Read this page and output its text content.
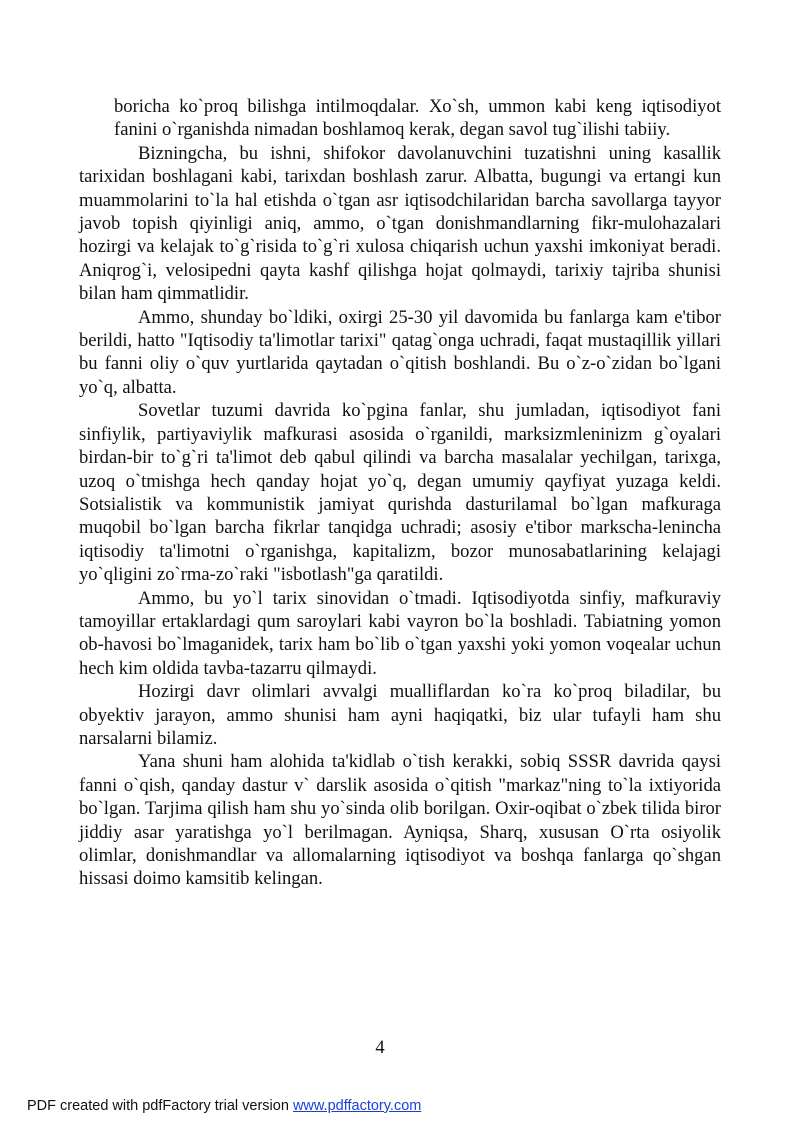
boricha ko`proq bilishga intilmoqdalar. Xo`sh, ummon kabi keng iqtisodiyot fanini o`rganishda nimadan boshlamoq kerak, degan savol tug`ilishi tabiiy.

Bizningcha, bu ishni, shifokor davolanuvchini tuzatishni uning kasallik tarixidan boshlagani kabi, tarixdan boshlash zarur. Albatta, bugungi va ertangi kun muammolarini to`la hal etishda o`tgan asr iqtisodchilaridan barcha savollarga tayyor javob topish qiyinligi aniq, ammo, o`tgan donishmandlarning fikr-mulohazalari hozirgi va kelajak to`g`risida to`g`ri xulosa chiqarish uchun yaxshi imkoniyat beradi. Aniqrog`i, velosipedni qayta kashf qilishga hojat qolmaydi, tarixiy tajriba shunisi bilan ham qimmatlidir.

Ammo, shunday bo`ldiki, oxirgi 25-30 yil davomida bu fanlarga kam e'tibor berildi, hatto "Iqtisodiy ta'limotlar tarixi" qatag`onga uchradi, faqat mustaqillik yillari bu fanni oliy o`quv yurtlarida qaytadan o`qitish boshlandi. Bu o`z-o`zidan bo`lgani yo`q, albatta.

Sovetlar tuzumi davrida ko`pgina fanlar, shu jumladan, iqtisodiyot fani sinfiylik, partiyaviylik mafkurasi asosida o`rganildi, marksizmleninizm g`oyalari birdan-bir to`g`ri ta'limot deb qabul qilindi va barcha masalalar yechilgan, tarixga, uzoq o`tmishga hech qanday hojat yo`q, degan umumiy qayfiyat yuzaga keldi. Sotsialistik va kommunistik jamiyat qurishda dasturilamal bo`lgan mafkuraga muqobil bo`lgan barcha fikrlar tanqidga uchradi; asosiy e'tibor markscha-lenincha iqtisodiy ta'limotni o`rganishga, kapitalizm, bozor munosabatlarining kelajagi yo`qligini zo`rma-zo`raki "isbotlash"ga qaratildi.

Ammo, bu yo`l tarix sinovidan o`tmadi. Iqtisodiyotda sinfiy, mafkuraviy tamoyillar ertaklardagi qum saroylari kabi vayron bo`la boshladi. Tabiatning yomon ob-havosi bo`lmaganidek, tarix ham bo`lib o`tgan yaxshi yoki yomon voqealar uchun hech kim oldida tavba-tazarru qilmaydi.

Hozirgi davr olimlari avvalgi mualliflardan ko`ra ko`proq biladilar, bu obyektiv jarayon, ammo shunisi ham ayni haqiqatki, biz ular tufayli ham shu narsalarni bilamiz.

Yana shuni ham alohida ta'kidlab o`tish kerakki, sobiq SSSR davrida qaysi fanni o`qish, qanday dastur v` darslik asosida o`qitish "markaz"ning to`la ixtiyorida bo`lgan. Tarjima qilish ham shu yo`sinda olib borilgan. Oxir-oqibat o`zbek tilida biror jiddiy asar yaratishga yo`l berilmagan. Ayniqsa, Sharq, xususan O`rta osiyolik olimlar, donishmandlar va allomalarning iqtisodiyot va boshqa fanlarga qo`shgan hissasi doimo kamsitib kelingan.

4
PDF created with pdfFactory trial version www.pdffactory.com
